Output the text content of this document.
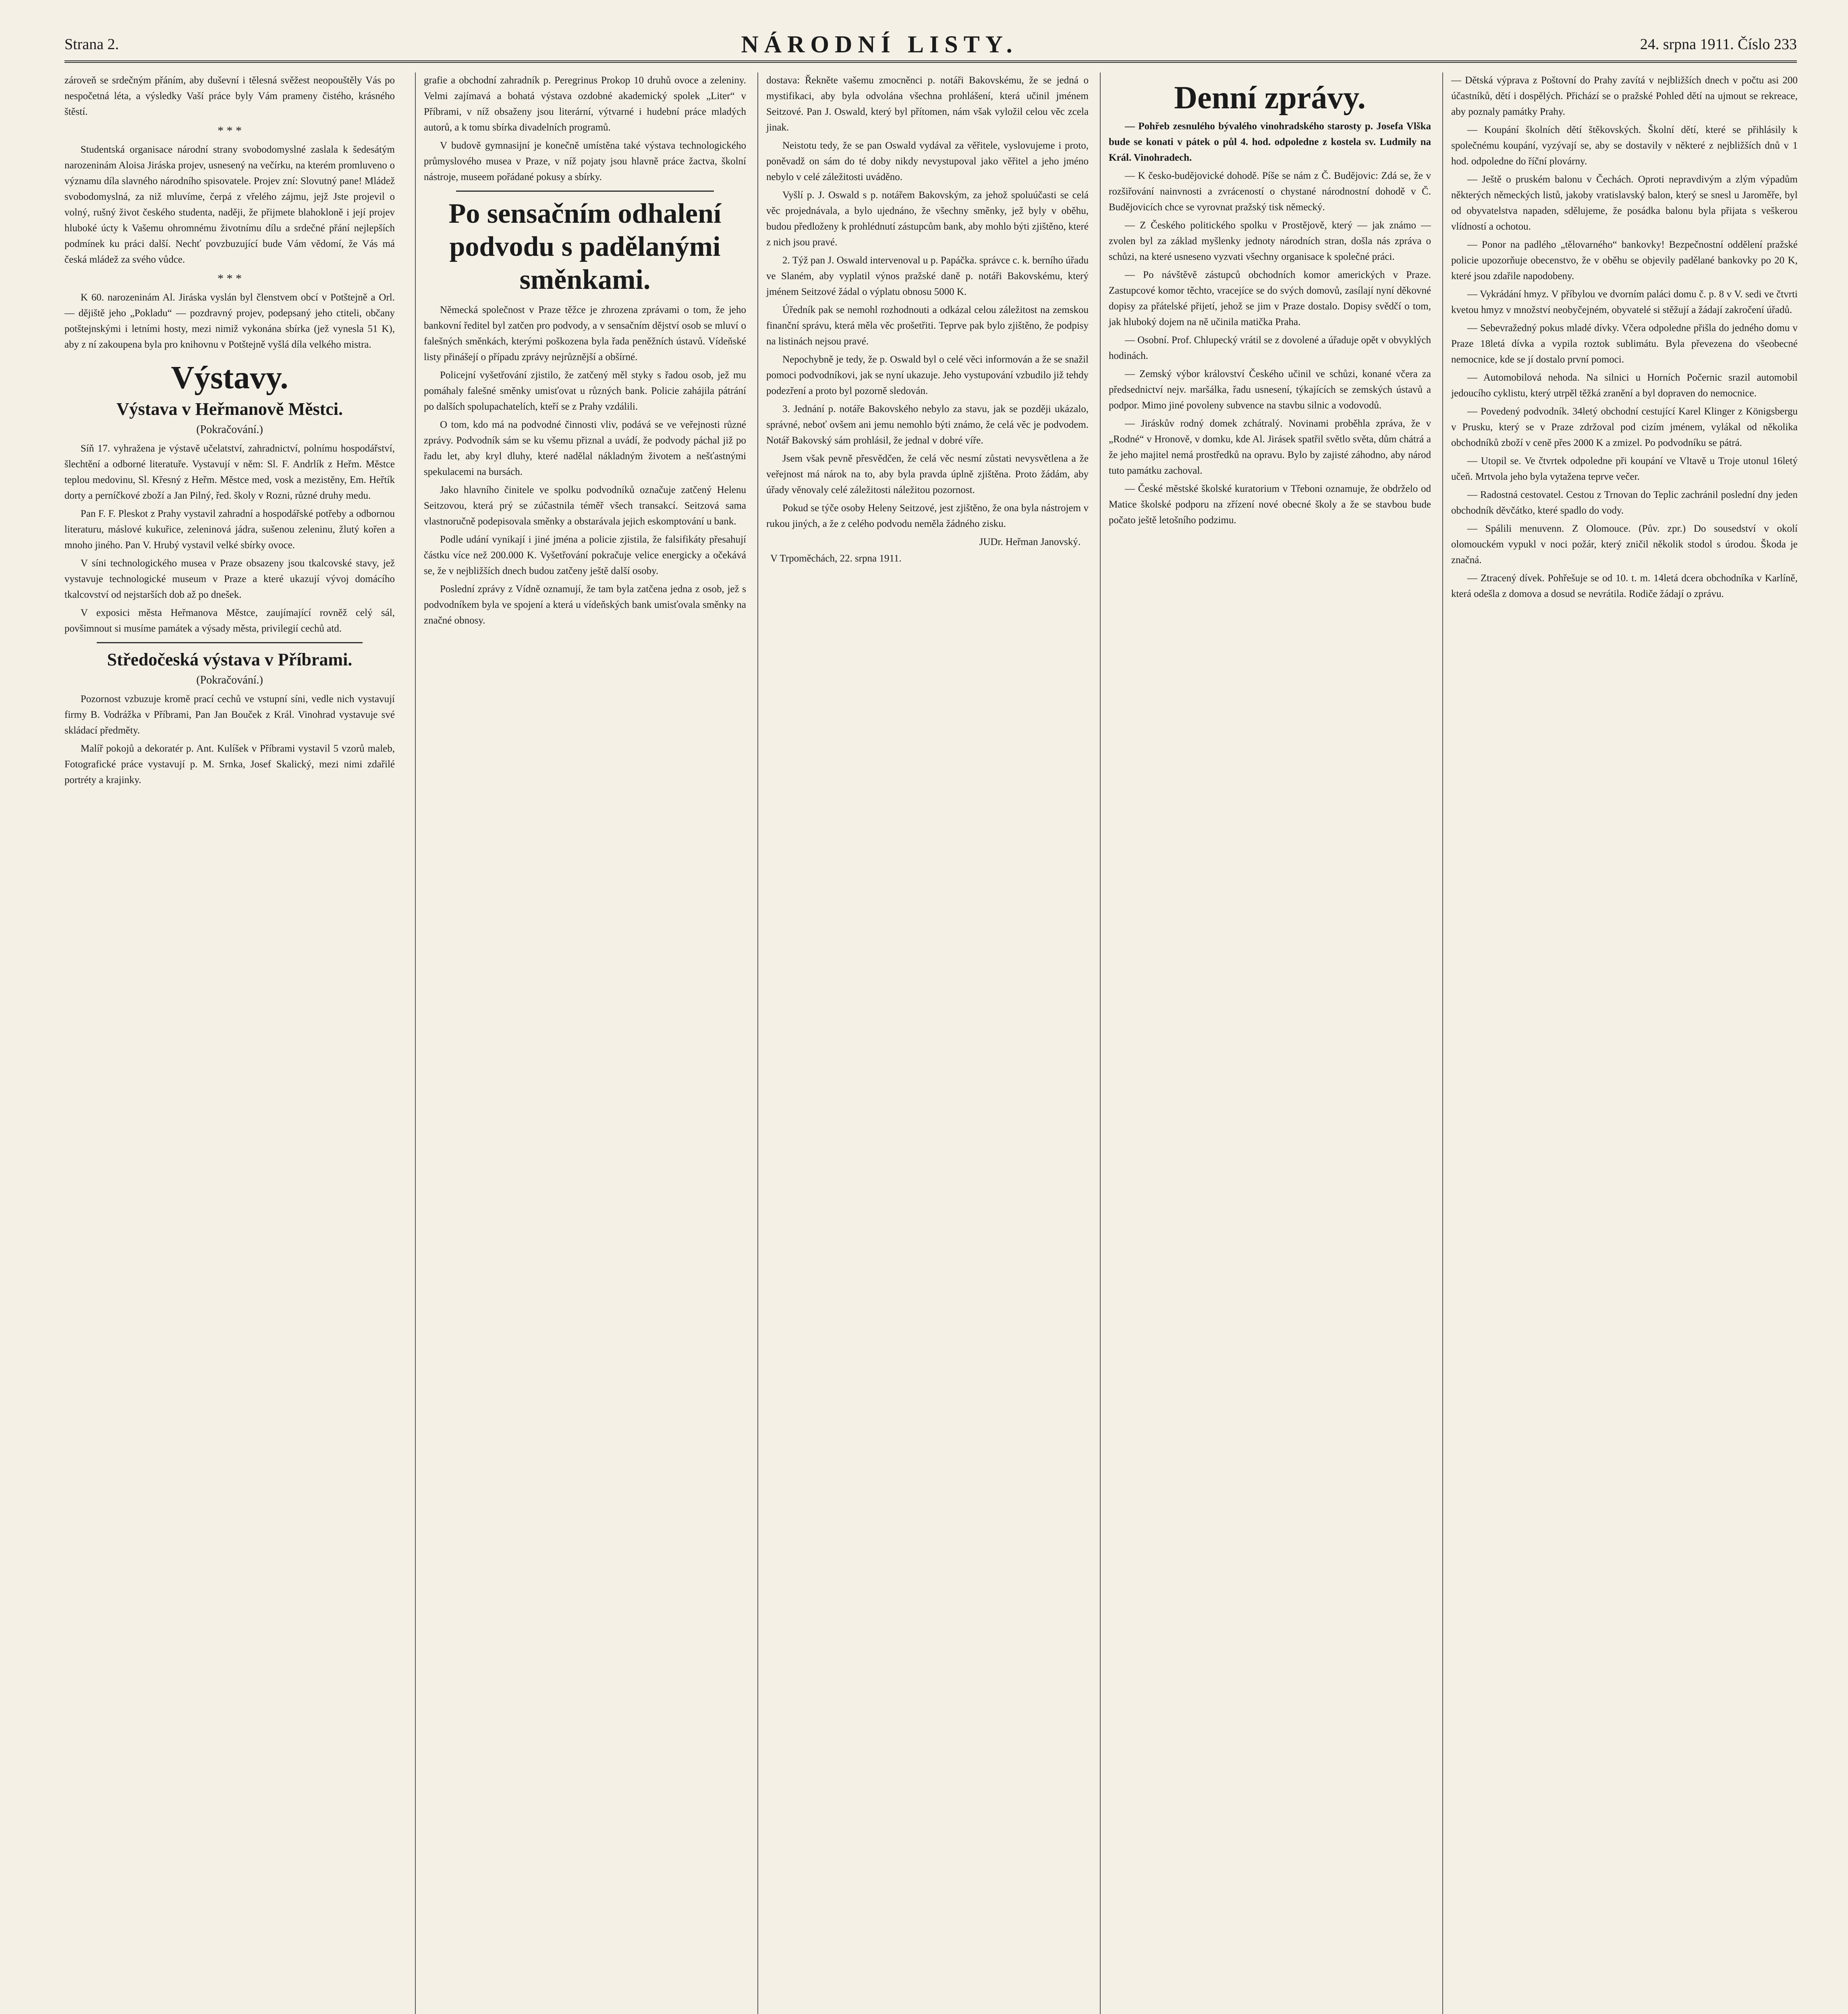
Strana 2.	NÁRODNÍ LISTY.	24. srpna 1911. Číslo 233

zároveň se srdečným přáním, aby duševní i tělesná svěžest neopouštěly Vás po nespočetná léta, a výsledky Vaší práce byly Vám prameny čistého, krásného štěstí.

* * *

Studentská organisace národní strany svobodomyslné zaslala k šedesátým narozeninám Aloisa Jiráska projev, usnesený na večírku, na kterém promluveno o významu díla slavného národního spisovatele. Projev zní: Slovutný pane! Mládež svobodomyslná, za niž mluvíme, čerpá z vřelého zájmu, jejž Jste projevil o volný, rušný život českého studenta, naději, že přijmete blahokloně i její projev hluboké úcty k Vašemu ohromnému životnímu dílu a srdečné přání nejlepších podmínek ku práci další. Nechť povzbuzující bude Vám vědomí, že Vás má česká mládež za svého vůdce.

* * *

K 60. narozeninám Al. Jiráska vyslán byl členstvem obcí v Potštejně a Orl. — dějiště jeho „Pokladu“ — pozdravný projev, podepsaný jeho ctiteli, občany potštejnskými i letními hosty, mezi nimiž vykonána sbírka (jež vynesla 51 K), aby z ní zakoupena byla pro knihovnu v Potštejně vyšlá díla velkého mistra.

Výstavy.
Výstava v Heřmanově Městci.
(Pokračování.)

Síň 17. vyhražena je výstavě učelatství, zahradnictví, polnímu hospodářství, šlechtění a odborné literatuře. Vystavují v něm: Sl. F. Andrlík z Heřm. Městce teplou medovinu, Sl. Křesný z Heřm. Městce med, vosk a mezistěny, Em. Heřtík dorty a perníčkové zboží a Jan Pilný, řed. školy v Rozni, různé druhy medu.

Pan F. F. Pleskot z Prahy vystavil zahradní a hospodářské potřeby a odbornou literaturu, máslové kukuřice, zeleninová jádra, sušenou zeleninu, žlutý kořen a mnoho jiného. Pan V. Hrubý vystavil velké sbírky ovoce.

V síni technologického musea v Praze obsazeny jsou tkalcovské stavy, jež vystavuje technologické museum v Praze a které ukazují vývoj domácího tkalcovství od nejstarších dob až po dnešek.

V exposici města Heřmanova Městce, zaujímající rovněž celý sál, povšimnout si musíme památek a výsady města, privilegií cechů atd.

Středočeská výstava v Příbrami.
(Pokračování.)

Pozornost vzbuzuje kromě prací cechů ve vstupní síni, vedle nich vystavují firmy B. Vodrážka v Příbrami, Pan Jan Bouček z Král. Vinohrad vystavuje své skládací předměty.

Malíř pokojů a dekoratér p. Ant. Kulíšek v Příbrami vystavil 5 vzorů maleb, Fotografické práce vystavují p. M. Srnka, Josef Skalický, mezi nimi zdařilé portréty a krajinky.

grafie a obchodní zahradník p. Peregrinus Prokop 10 druhů ovoce a zeleniny. Velmi zajímavá a bohatá výstava ozdobné akademický spolek „Liter“ v Příbrami, v níž obsaženy jsou literární, výtvarné i hudební práce mladých autorů, a k tomu sbírka divadelních programů.

V budově gymnasijní je konečně umístěna také výstava technologického průmyslového musea v Praze, v níž pojaty jsou hlavně práce žactva, školní nástroje, museem pořádané pokusy a sbírky.

Po sensačním odhalení podvodu s padělanými směnkami.

Německá společnost v Praze těžce je zhrozena zprávami o tom, že jeho bankovní ředitel byl zatčen pro podvody, a v sensačním dějství osob se mluví o falešných směnkách, kterými poškozena byla řada peněžních ústavů. Vídeňské listy přinášejí o případu zprávy nejrůznější a obšírné.

Policejní vyšetřování zjistilo, že zatčený měl styky s řadou osob, jež mu pomáhaly falešné směnky umisťovat u různých bank. Policie zahájila pátrání po dalších spolupachatelích, kteří se z Prahy vzdálili.

O tom, kdo má na podvodné činnosti vliv, podává se ve veřejnosti různé zprávy. Podvodník sám se ku všemu přiznal a uvádí, že podvody páchal již po řadu let, aby kryl dluhy, které nadělal nákladným životem a nešťastnými spekulacemi na bursách.

Jako hlavního činitele ve spolku podvodníků označuje zatčený Helenu Seitzovou, která prý se zúčastnila téměř všech transakcí. Seitzová sama vlastnoručně podepisovala směnky a obstarávala jejich eskomptování u bank.

Podle udání vynikají i jiné jména a policie zjistila, že falsifikáty přesahují částku více než 200.000 K. Vyšetřování pokračuje velice energicky a očekává se, že v nejbližších dnech budou zatčeny ještě další osoby.

Poslední zprávy z Vídně oznamují, že tam byla zatčena jedna z osob, jež s podvodníkem byla ve spojení a která u vídeňských bank umisťovala směnky na značné obnosy.

dostava: Řekněte vašemu zmocněnci p. notáři Bakovskému, že se jedná o mystifikaci, aby byla odvolána všechna prohlášení, která učinil jménem Seitzové. Pan J. Oswald, který byl přítomen, nám však vyložil celou věc zcela jinak.

Neistotu tedy, že se pan Oswald vydával za věřitele, vyslovujeme i proto, poněvadž on sám do té doby nikdy nevystupoval jako věřitel a jeho jméno nebylo v celé záležitosti uváděno.

Vyšlí p. J. Oswald s p. notářem Bakovským, za jehož spoluúčasti se celá věc projednávala, a bylo ujednáno, že všechny směnky, jež byly v oběhu, budou předloženy k prohlédnutí zástupcům bank, aby mohlo býti zjištěno, které z nich jsou pravé.

2. Týž pan J. Oswald intervenoval u p. Papáčka. správce c. k. berního úřadu ve Slaném, aby vyplatil výnos pražské daně p. notáři Bakovskému, který jménem Seitzové žádal o výplatu obnosu 5000 K.

Úředník pak se nemohl rozhodnouti a odkázal celou záležitost na zemskou finanční správu, která měla věc prošetřiti. Teprve pak bylo zjištěno, že podpisy na listinách nejsou pravé.

Nepochybně je tedy, že p. Oswald byl o celé věci informován a že se snažil pomoci podvodníkovi, jak se nyní ukazuje. Jeho vystupování vzbudilo již tehdy podezření a proto byl pozorně sledován.

3. Jednání p. notáře Bakovského nebylo za stavu, jak se později ukázalo, správné, neboť ovšem ani jemu nemohlo býti známo, že celá věc je podvodem. Notář Bakovský sám prohlásil, že jednal v dobré víře.

Jsem však pevně přesvědčen, že celá věc nesmí zůstati nevysvětlena a že veřejnost má nárok na to, aby byla pravda úplně zjištěna. Proto žádám, aby úřady věnovaly celé záležitosti náležitou pozornost.

Pokud se týče osoby Heleny Seitzové, jest zjištěno, že ona byla nástrojem v rukou jiných, a že z celého podvodu neměla žádného zisku.

JUDr. Heřman Janovský.
V Trpoměchách, 22. srpna 1911.
Denní zprávy.

— Pohřeb zesnulého bývalého vinohradského starosty p. Josefa Vlška bude se konati v pátek o půl 4. hod. odpoledne z kostela sv. Ludmily na Král. Vinohradech.

— K česko-budějovické dohodě. Píše se nám z Č. Budějovic: Zdá se, že v rozšiřování nainvnosti a zvráceností o chystané národnostní dohodě v Č. Budějovicích chce se vyrovnat pražský tisk německý.

— Z Českého politického spolku v Prostějově, který — jak známo — zvolen byl za základ myšlenky jednoty národních stran, došla nás zpráva o schůzi, na které usneseno vyzvati všechny organisace k společné práci.

— Po návštěvě zástupců obchodních komor amerických v Praze. Zastupcové komor těchto, vracejíce se do svých domovů, zasílají nyní děkovné dopisy za přátelské přijetí, jehož se jim v Praze dostalo. Dopisy svědčí o tom, jak hluboký dojem na ně učinila matička Praha.

— Osobní. Prof. Chlupecký vrátil se z dovolené a úřaduje opět v obvyklých hodinách.

— Zemský výbor království Českého učinil ve schůzi, konané včera za předsednictví nejv. maršálka, řadu usnesení, týkajících se zemských ústavů a podpor. Mimo jiné povoleny subvence na stavbu silnic a vodovodů.

— Jiráskův rodný domek zchátralý. Novinami proběhla zpráva, že v „Rodné“ v Hronově, v domku, kde Al. Jirásek spatřil světlo světa, dům chátrá a že jeho majitel nemá prostředků na opravu. Bylo by zajisté záhodno, aby národ tuto památku zachoval.

— České městské školské kuratorium v Třeboni oznamuje, že obdrželo od Matice školské podporu na zřízení nové obecné školy a že se stavbou bude počato ještě letošního podzimu.

— Dětská výprava z Poštovní do Prahy zavítá v nejbližších dnech v počtu asi 200 účastníků, dětí i dospělých. Přichází se o pražské Pohled dětí na ujmout se rekreace, aby poznaly památky Prahy.

— Koupání školních dětí štěkovských. Školní dětí, které se přihlásily k společnému koupání, vyzývají se, aby se dostavily v některé z nejbližších dnů v 1 hod. odpoledne do říční plovárny.

— Ještě o pruském balonu v Čechách. Oproti nepravdivým a zlým výpadům některých německých listů, jakoby vratislavský balon, který se snesl u Jaroměře, byl od obyvatelstva napaden, sdělujeme, že posádka balonu byla přijata s veškerou vlídností a ochotou.

— Ponor na padlého „tělovarného“ bankovky! Bezpečnostní oddělení pražské policie upozorňuje obecenstvo, že v oběhu se objevily padělané bankovky po 20 K, které jsou zdařile napodobeny.

— Vykrádání hmyz. V příbylou ve dvorním paláci domu č. p. 8 v V. sedi ve čtvrti kvetou hmyz v množství neobyčejném, obyvatelé si stěžují a žádají zakročení úřadů.

— Sebevražedný pokus mladé dívky. Včera odpoledne přišla do jedného domu v Praze 18letá dívka a vypila roztok sublimátu. Byla převezena do všeobecné nemocnice, kde se jí dostalo první pomoci.

— Automobilová nehoda. Na silnici u Horních Počernic srazil automobil jedoucího cyklistu, který utrpěl těžká zranění a byl dopraven do nemocnice.

— Povedený podvodník. 34letý obchodní cestující Karel Klinger z Königsbergu v Prusku, který se v Praze zdržoval pod cizím jménem, vylákal od několika obchodníků zboží v ceně přes 2000 K a zmizel. Po podvodníku se pátrá.

— Utopil se. Ve čtvrtek odpoledne při koupání ve Vltavě u Troje utonul 16letý učeň. Mrtvola jeho byla vytažena teprve večer.

— Radostná cestovatel. Cestou z Trnovan do Teplic zachránil poslední dny jeden obchodník děvčátko, které spadlo do vody.

— Spálili menuvenn. Z Olomouce. (Pův. zpr.) Do sousedství v okolí olomouckém vypukl v noci požár, který zničil několik stodol s úrodou. Škoda je značná.

— Ztracený dívek. Pohřešuje se od 10. t. m. 14letá dcera obchodníka v Karlíně, která odešla z domova a dosud se nevrátila. Rodiče žádají o zprávu.
